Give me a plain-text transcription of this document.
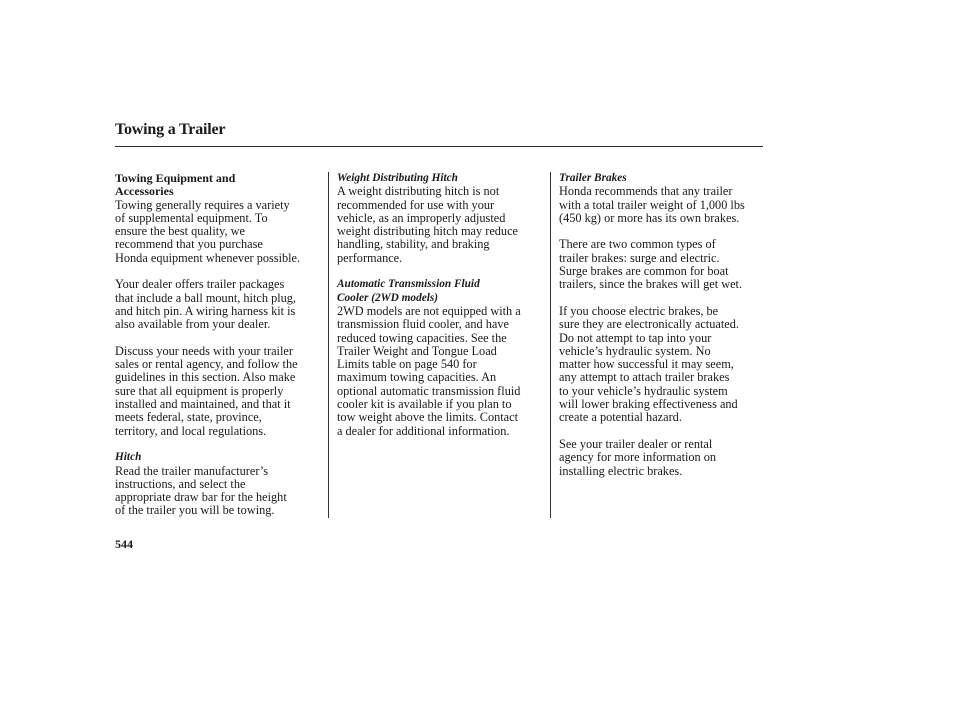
Towing a Trailer
Towing Equipment and
Accessories
Towing generally requires a variety
of supplemental equipment. To
ensure the best quality, we
recommend that you purchase
Honda equipment whenever possible.
Your dealer offers trailer packages
that include a ball mount, hitch plug,
and hitch pin. A wiring harness kit is
also available from your dealer.
Discuss your needs with your trailer
sales or rental agency, and follow the
guidelines in this section. Also make
sure that all equipment is properly
installed and maintained, and that it
meets federal, state, province,
territory, and local regulations.
Hitch
Read the trailer manufacturer’s
instructions, and select the
appropriate draw bar for the height
of the trailer you will be towing.
Weight Distributing Hitch
A weight distributing hitch is not
recommended for use with your
vehicle, as an improperly adjusted
weight distributing hitch may reduce
handling, stability, and braking
performance.
Automatic Transmission Fluid
Cooler (2WD models)
2WD models are not equipped with a
transmission fluid cooler, and have
reduced towing capacities. See the
Trailer Weight and Tongue Load
Limits table on page 540 for
maximum towing capacities. An
optional automatic transmission fluid
cooler kit is available if you plan to
tow weight above the limits. Contact
a dealer for additional information.
Trailer Brakes
Honda recommends that any trailer
with a total trailer weight of 1,000 lbs
(450 kg) or more has its own brakes.
There are two common types of
trailer brakes: surge and electric.
Surge brakes are common for boat
trailers, since the brakes will get wet.
If you choose electric brakes, be
sure they are electronically actuated.
Do not attempt to tap into your
vehicle’s hydraulic system. No
matter how successful it may seem,
any attempt to attach trailer brakes
to your vehicle’s hydraulic system
will lower braking effectiveness and
create a potential hazard.
See your trailer dealer or rental
agency for more information on
installing electric brakes.
544
